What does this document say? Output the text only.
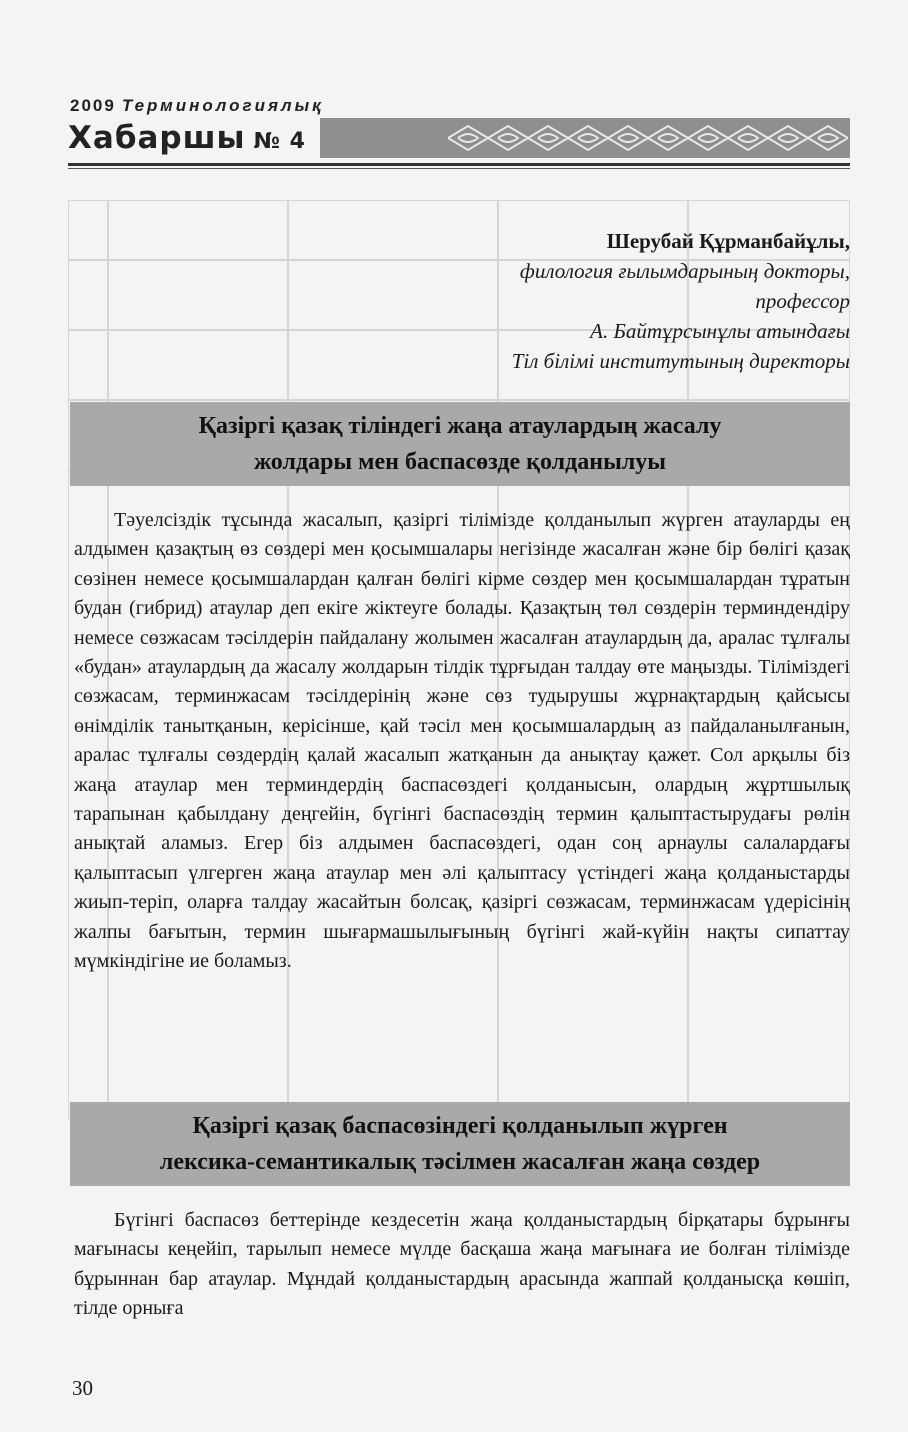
2009 Терминологиялық
Хабаршы № 4
Шерубай Құрманбайұлы,
филология ғылымдарының докторы,
профессор
А. Байтұрсынұлы атындағы
Тіл білімі институтының директоры
Қазіргі қазақ тіліндегі жаңа атаулардың жасалу
жолдары мен баспасөзде қолданылуы
Тәуелсіздік тұсында жасалып, қазіргі тілімізде қолданылып жүрген атауларды ең алдымен қазақтың өз сөздері мен қосымшалары негізінде жасалған және бір бөлігі қазақ сөзінен немесе қосымшалардан қалған бөлігі кірме сөздер мен қосымшалардан тұратын будан (гибрид) атаулар деп екіге жіктеуге болады. Қазақтың төл сөздерін терминдендіру немесе сөзжасам тәсілдерін пайдалану жолымен жасалған атаулардың да, аралас тұлғалы «будан» атаулардың да жасалу жолдарын тілдік тұрғыдан талдау өте маңызды. Тіліміздегі сөзжасам, терминжасам тәсілдерінің және сөз тудырушы жұрнақтардың қайсысы өнімділік танытқанын, керісінше, қай тәсіл мен қосымшалардың аз пайдаланылғанын, аралас тұлғалы сөздердің қалай жасалып жатқанын да анықтау қажет. Сол арқылы біз жаңа атаулар мен терминдердің баспасөздегі қолданысын, олардың жұртшылық тарапынан қабылдану деңгейін, бүгінгі баспасөздің термин қалыптастырудағы рөлін анықтай аламыз. Егер біз алдымен баспасөздегі, одан соң арнаулы салалардағы қалыптасып үлгерген жаңа атаулар мен әлі қалыптасу үстіндегі жаңа қолданыстарды жиып-теріп, оларға талдау жасайтын болсақ, қазіргі сөзжасам, терминжасам үдерісінің жалпы бағытын, термин шығармашылығының бүгінгі жай-күйін нақты сипаттау мүмкіндігіне ие боламыз.
Қазіргі қазақ баспасөзіндегі қолданылып жүрген
лексика-семантикалық тәсілмен жасалған жаңа сөздер
Бүгінгі баспасөз беттерінде кездесетін жаңа қолданыстардың бірқатары бұрынғы мағынасы кеңейіп, тарылып немесе мүлде басқаша жаңа мағынаға ие болған тілімізде бұрыннан бар атаулар. Мұндай қолданыстардың арасында жаппай қолданысқа көшіп, тілде орныға
30
